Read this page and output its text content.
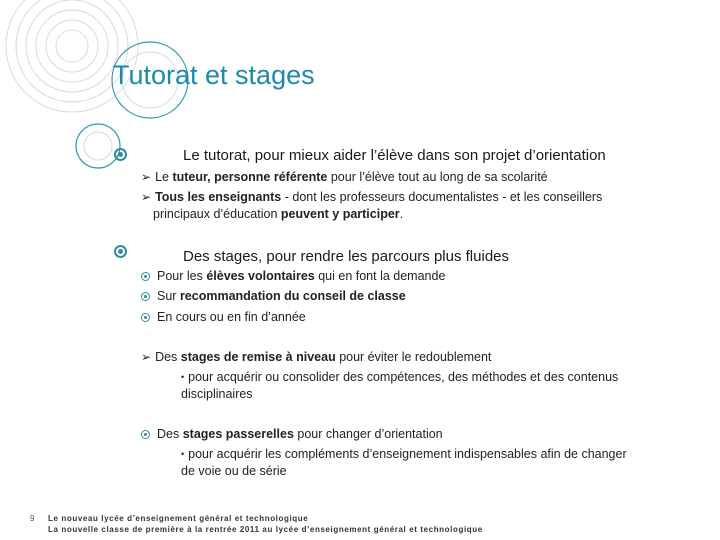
Tutorat et stages
Le tutorat, pour mieux aider l’élève dans son projet d’orientation
➢ Le tuteur, personne référente pour l’élève tout au long de sa scolarité
➢ Tous les enseignants - dont les professeurs documentalistes - et les conseillers
principaux d’éducation peuvent y participer.
Des stages, pour rendre les parcours plus fluides
Pour les élèves volontaires qui en font la demande
Sur recommandation du conseil de classe
En cours ou en fin d’année
➢ Des stages de remise à niveau pour éviter le redoublement
• pour acquérir ou consolider des compétences, des méthodes et des contenus
disciplinaires
Des stages passerelles pour changer d’orientation
• pour acquérir les compléments d’enseignement indispensables afin de changer
de voie ou de série
9 Le nouveau lycée d’enseignement général et technologique
La nouvelle classe de première à la rentrée 2011 au lycée d’enseignement général et technologique
